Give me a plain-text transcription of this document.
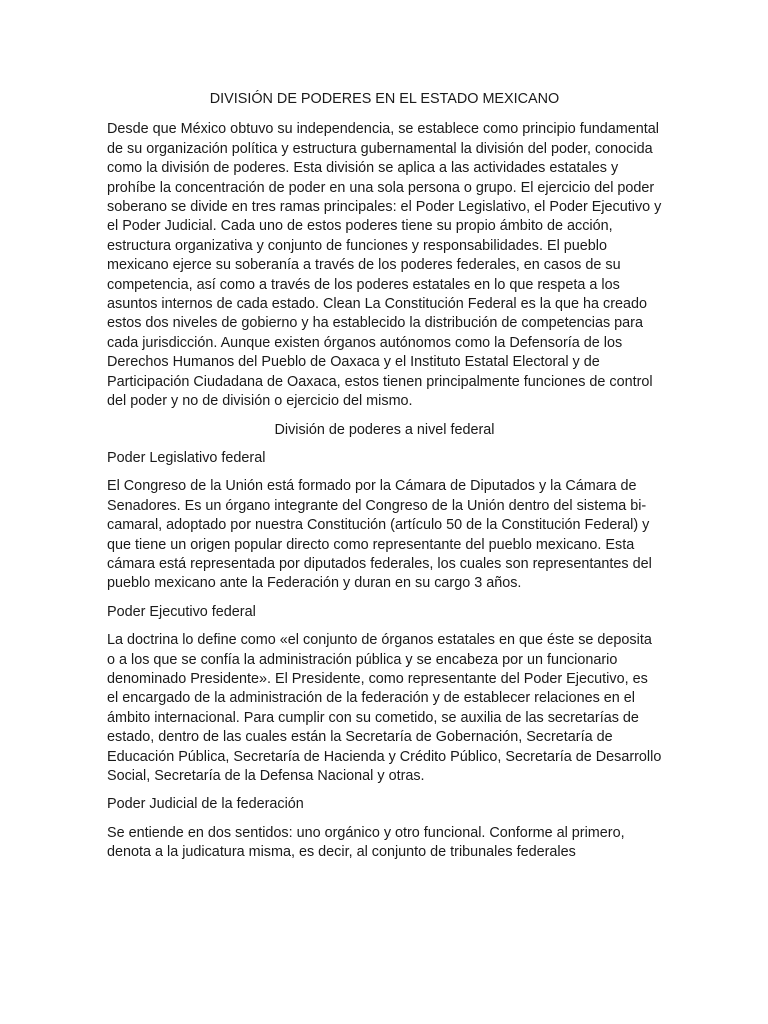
DIVISIÓN DE PODERES EN EL ESTADO MEXICANO

Desde que México obtuvo su independencia, se establece como principio fundamental de su organización política y estructura gubernamental la división del poder, conocida como la división de poderes. Esta división se aplica a las actividades estatales y prohíbe la concentración de poder en una sola persona o grupo. El ejercicio del poder soberano se divide en tres ramas principales: el Poder Legislativo, el Poder Ejecutivo y el Poder Judicial. Cada uno de estos poderes tiene su propio ámbito de acción, estructura organizativa y conjunto de funciones y responsabilidades. El pueblo mexicano ejerce su soberanía a través de los poderes federales, en casos de su competencia, así como a través de los poderes estatales en lo que respeta a los asuntos internos de cada estado. Clean La Constitución Federal es la que ha creado estos dos niveles de gobierno y ha establecido la distribución de competencias para cada jurisdicción. Aunque existen órganos autónomos como la Defensoría de los Derechos Humanos del Pueblo de Oaxaca y el Instituto Estatal Electoral y de Participación Ciudadana de Oaxaca, estos tienen principalmente funciones de control del poder y no de división o ejercicio del mismo.

División de poderes a nivel federal
Poder Legislativo federal

El Congreso de la Unión está formado por la Cámara de Diputados y la Cámara de Senadores. Es un órgano integrante del Congreso de la Unión dentro del sistema bi-camaral, adoptado por nuestra Constitución (artículo 50 de la Constitución Federal) y que tiene un origen popular directo como representante del pueblo mexicano. Esta cámara está representada por diputados federales, los cuales son representantes del pueblo mexicano ante la Federación y duran en su cargo 3 años.

Poder Ejecutivo federal

La doctrina lo define como «el conjunto de órganos estatales en que éste se deposita o a los que se confía la administración pública y se encabeza por un funcionario denominado Presidente». El Presidente, como representante del Poder Ejecutivo, es el encargado de la administración de la federación y de establecer relaciones en el ámbito internacional. Para cumplir con su cometido, se auxilia de las secretarías de estado, dentro de las cuales están la Secretaría de Gobernación, Secretaría de Educación Pública, Secretaría de Hacienda y Crédito Público, Secretaría de Desarrollo Social, Secretaría de la Defensa Nacional y otras.

Poder Judicial de la federación

Se entiende en dos sentidos: uno orgánico y otro funcional. Conforme al primero, denota a la judicatura misma, es decir, al conjunto de tribunales federales
